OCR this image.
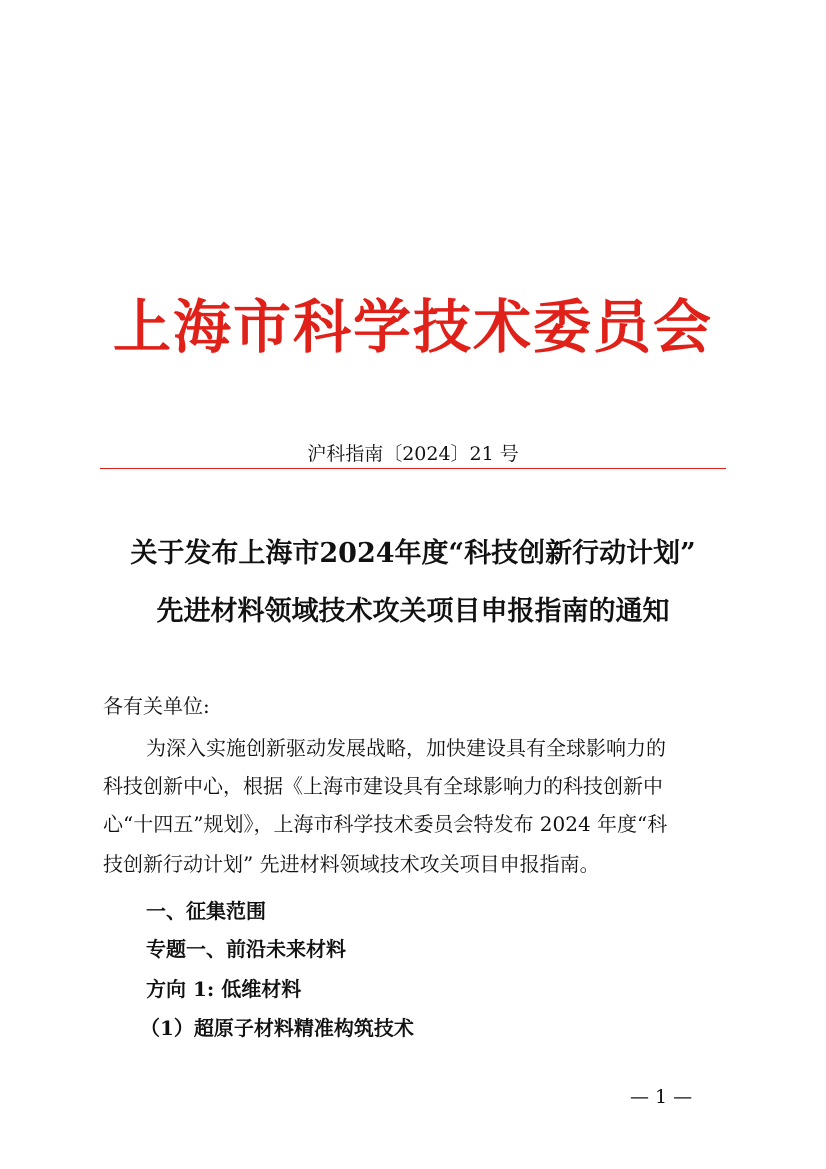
上海市科学技术委员会
沪科指南〔2024〕21 号
关于发布上海市2024年度“科技创新行动计划”
先进材料领域技术攻关项目申报指南的通知
各有关单位:
为深入实施创新驱动发展战略，加快建设具有全球影响力的
科技创新中心，根据《上海市建设具有全球影响力的科技创新中
心“十四五”规划》，上海市科学技术委员会特发布 2024 年度“科
技创新行动计划” 先进材料领域技术攻关项目申报指南。
一、征集范围
专题一、前沿未来材料
方向 1: 低维材料
（1）超原子材料精准构筑技术
— 1 —
